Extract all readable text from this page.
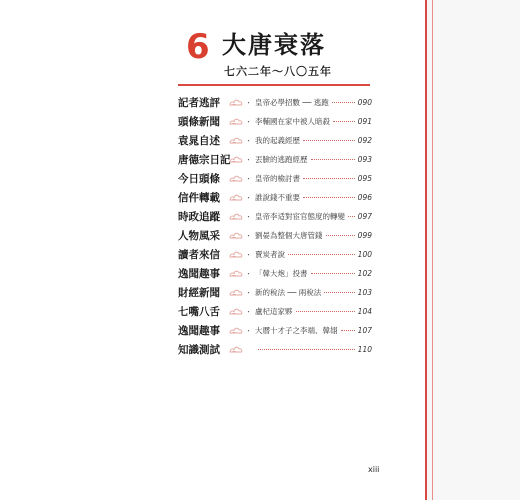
6 大唐衰落
七六二年～八〇五年
記者逃評	・ 皇帝必學招數 ── 逃跑	090
頭條新聞	・ 李輔國在家中被人暗殺	091
袁晁自述	・ 我的起義經歷	092
唐德宗日記 ・ 丟臉的逃跑經歷	093
今日頭條	・ 皇帝的檢討書	095
信件轉載	・ 誰說錢不重要	096
時政追蹤	・ 皇帝李适對宦官態度的轉變 097
人物風采	・ 劉晏為整個大唐管錢	099
讀者來信	・ 賣炭者說	100
逸聞趣事	・ 「韓大炮」投書	102
財經新聞	・ 新的稅法 ── 兩稅法	103
七嘴八舌	・ 盧杞這家夥	104
逸聞趣事	・ 大曆十才子之李端、韓翃	107
知識測試	110
xiii
